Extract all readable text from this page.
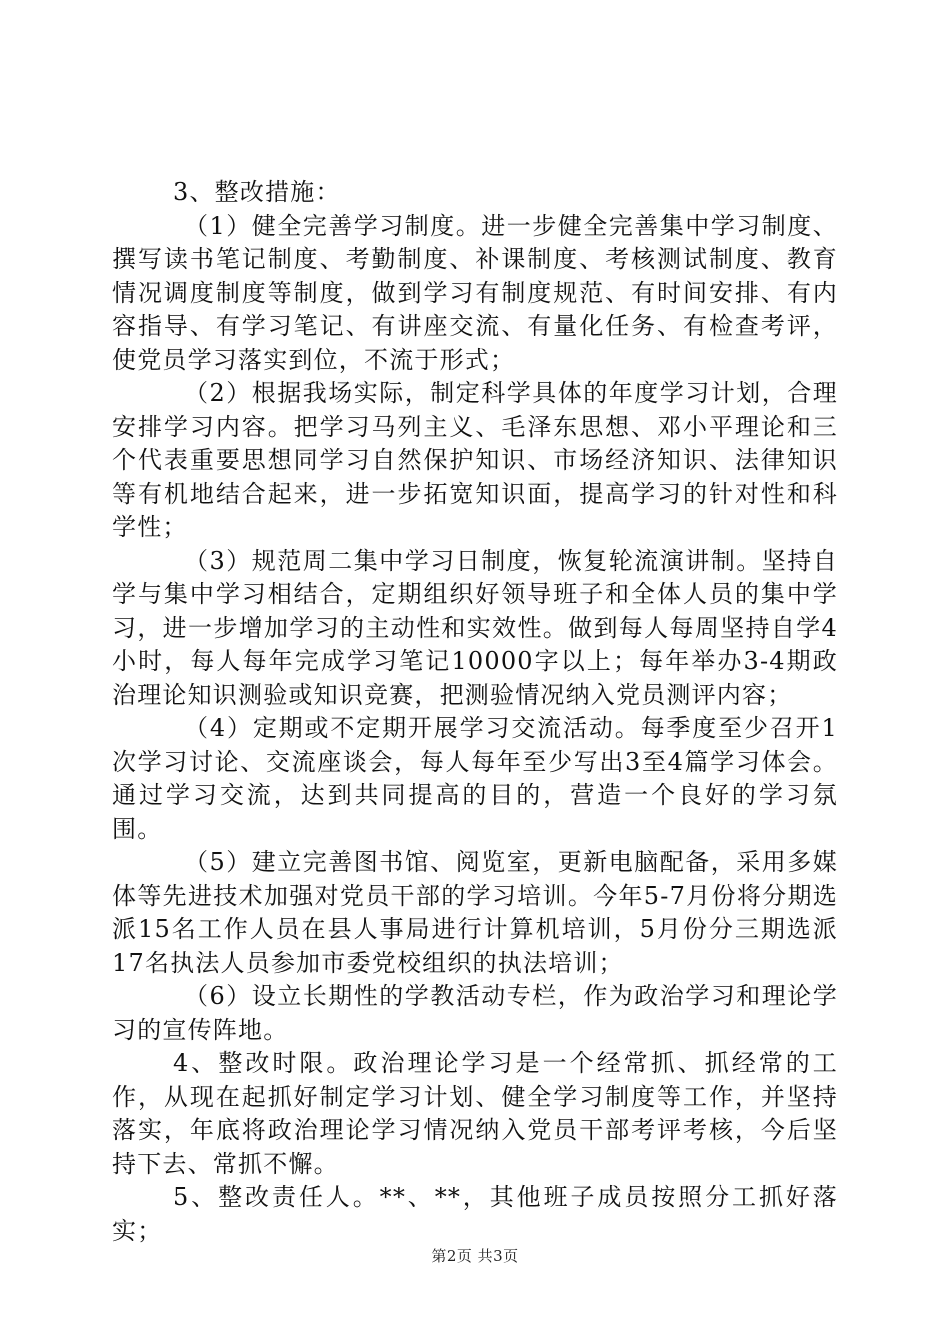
3、整改措施：

（1）健全完善学习制度。进一步健全完善集中学习制度、撰写读书笔记制度、考勤制度、补课制度、考核测试制度、教育情况调度制度等制度，做到学习有制度规范、有时间安排、有内容指导、有学习笔记、有讲座交流、有量化任务、有检查考评，使党员学习落实到位，不流于形式；

（2）根据我场实际，制定科学具体的年度学习计划，合理安排学习内容。把学习马列主义、毛泽东思想、邓小平理论和三个代表重要思想同学习自然保护知识、市场经济知识、法律知识等有机地结合起来，进一步拓宽知识面，提高学习的针对性和科学性；

（3）规范周二集中学习日制度，恢复轮流演讲制。坚持自学与集中学习相结合，定期组织好领导班子和全体人员的集中学习，进一步增加学习的主动性和实效性。做到每人每周坚持自学4小时，每人每年完成学习笔记10000字以上；每年举办3-4期政治理论知识测验或知识竞赛，把测验情况纳入党员测评内容；

（4）定期或不定期开展学习交流活动。每季度至少召开1次学习讨论、交流座谈会，每人每年至少写出3至4篇学习体会。通过学习交流，达到共同提高的目的，营造一个良好的学习氛围。

（5）建立完善图书馆、阅览室，更新电脑配备，采用多媒体等先进技术加强对党员干部的学习培训。今年5-7月份将分期选派15名工作人员在县人事局进行计算机培训，5月份分三期选派17名执法人员参加市委党校组织的执法培训；

（6）设立长期性的学教活动专栏，作为政治学习和理论学习的宣传阵地。

4、整改时限。政治理论学习是一个经常抓、抓经常的工作，从现在起抓好制定学习计划、健全学习制度等工作，并坚持落实，年底将政治理论学习情况纳入党员干部考评考核，今后坚持下去、常抓不懈。

5、整改责任人。**、**，其他班子成员按照分工抓好落实；

第2页 共3页
